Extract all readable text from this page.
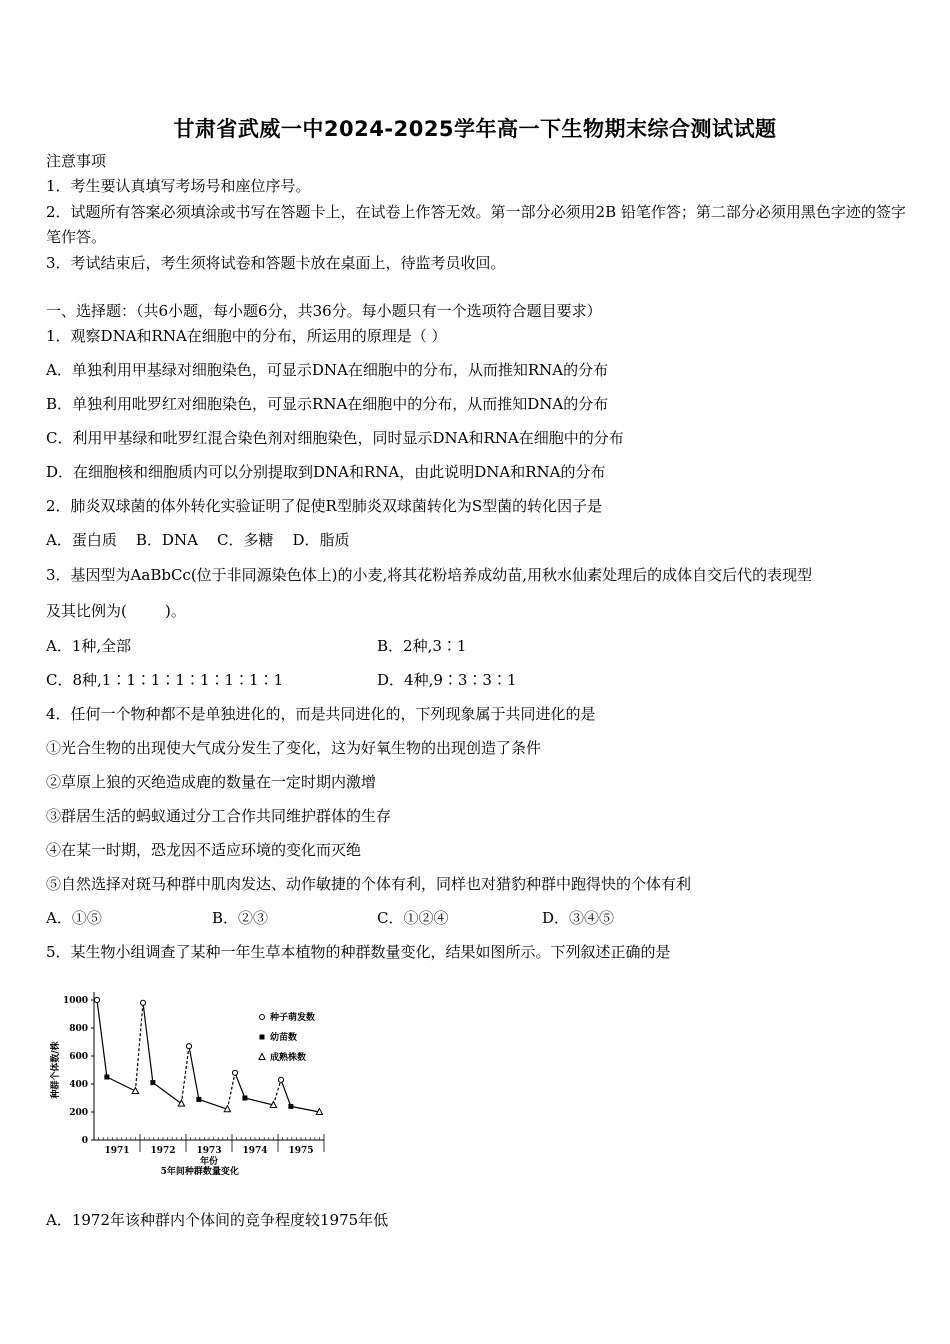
甘肃省武威一中2024-2025学年高一下生物期末综合测试试题
注意事项
1．考生要认真填写考场号和座位序号。
2．试题所有答案必须填涂或书写在答题卡上，在试卷上作答无效。第一部分必须用2B 铅笔作答；第二部分必须用黑色字迹的签字笔作答。
3．考试结束后，考生须将试卷和答题卡放在桌面上，待监考员收回。
一、选择题：（共6小题，每小题6分，共36分。每小题只有一个选项符合题目要求）
1．观察DNA和RNA在细胞中的分布，所运用的原理是（ ）
A．单独利用甲基绿对细胞染色，可显示DNA在细胞中的分布，从而推知RNA的分布
B．单独利用吡罗红对细胞染色，可显示RNA在细胞中的分布，从而推知DNA的分布
C．利用甲基绿和吡罗红混合染色剂对细胞染色，同时显示DNA和RNA在细胞中的分布
D．在细胞核和细胞质内可以分别提取到DNA和RNA，由此说明DNA和RNA的分布
2．肺炎双球菌的体外转化实验证明了促使R型肺炎双球菌转化为S型菌的转化因子是
A．蛋白质    B．DNA    C．多糖    D．脂质
3．基因型为AaBbCc(位于非同源染色体上)的小麦,将其花粉培养成幼苗,用秋水仙素处理后的成体自交后代的表现型
及其比例为(        )。
A．1种,全部	B．2种,3∶1
C．8种,1∶1∶1∶1∶1∶1∶1∶1	D．4种,9∶3∶3∶1
4．任何一个物种都不是单独进化的，而是共同进化的，下列现象属于共同进化的是
①光合生物的出现使大气成分发生了变化，这为好氧生物的出现创造了条件
②草原上狼的灭绝造成鹿的数量在一定时期内激增
③群居生活的蚂蚁通过分工合作共同维护群体的生存
④在某一时期，恐龙因不适应环境的变化而灭绝
⑤自然选择对斑马种群中肌肉发达、动作敏捷的个体有利，同样也对猎豹种群中跑得快的个体有利
A．①⑤	B．②③	C．①②④	D．③④⑤
5．某生物小组调查了某种一年生草本植物的种群数量变化，结果如图所示。下列叙述正确的是
1000
800
600
400
200
0
种群个体数/株
1971 1972 1973 1974 1975
年份
5年间种群数量变化
种子萌发数
幼苗数
成熟株数
A．1972年该种群内个体间的竞争程度较1975年低
